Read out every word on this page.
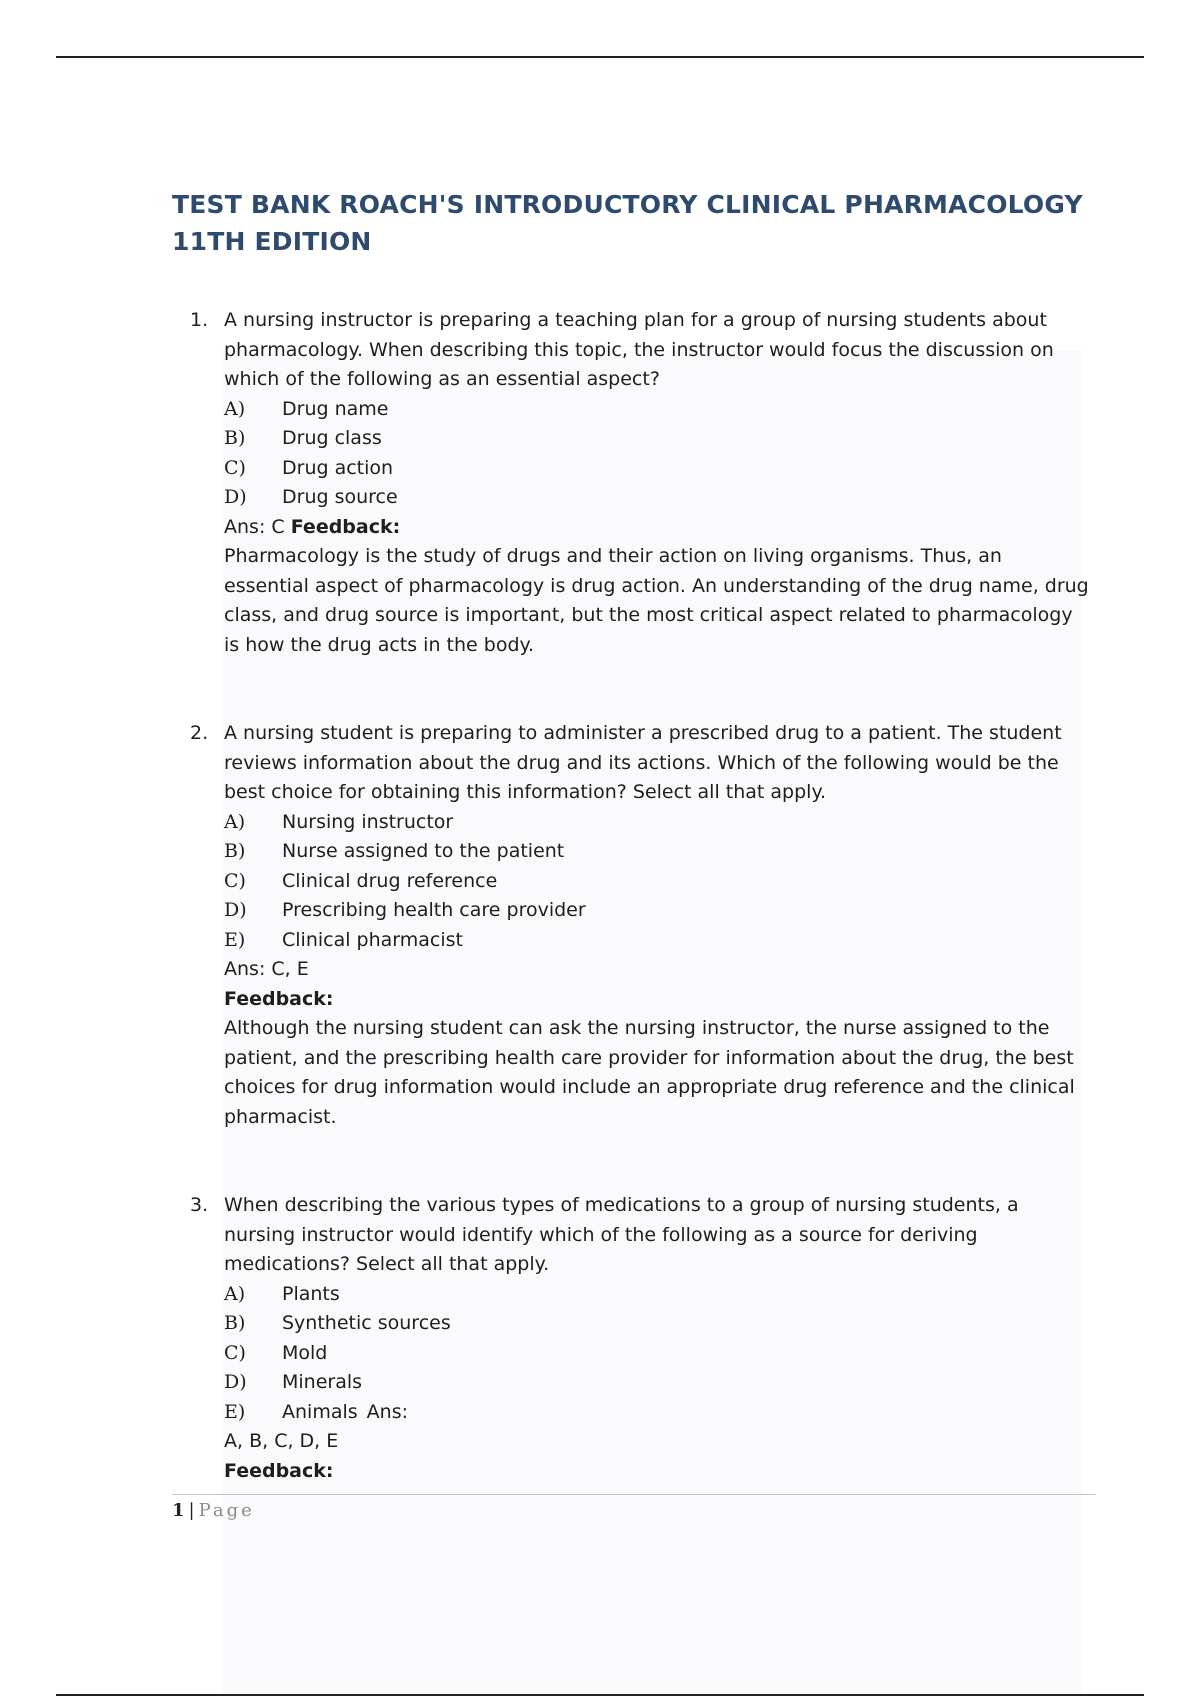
TEST BANK ROACH'S INTRODUCTORY CLINICAL PHARMACOLOGY 11TH EDITION
1. A nursing instructor is preparing a teaching plan for a group of nursing students about pharmacology. When describing this topic, the instructor would focus the discussion on which of the following as an essential aspect?

A)	Drug name
B)	Drug class
C)	Drug action
D)	Drug source

Ans: C Feedback:

Pharmacology is the study of drugs and their action on living organisms. Thus, an essential aspect of pharmacology is drug action. An understanding of the drug name, drug class, and drug source is important, but the most critical aspect related to pharmacology is how the drug acts in the body.

2. A nursing student is preparing to administer a prescribed drug to a patient. The student reviews information about the drug and its actions. Which of the following would be the best choice for obtaining this information? Select all that apply.

A)	Nursing instructor
B)	Nurse assigned to the patient
C)	Clinical drug reference
D)	Prescribing health care provider
E)	Clinical pharmacist

Ans: C, E

Feedback:

Although the nursing student can ask the nursing instructor, the nurse assigned to the patient, and the prescribing health care provider for information about the drug, the best choices for drug information would include an appropriate drug reference and the clinical pharmacist.

3. When describing the various types of medications to a group of nursing students, a nursing instructor would identify which of the following as a source for deriving medications? Select all that apply.

A)	Plants
B)	Synthetic sources
C)	Mold
D)	Minerals
E)	Animals Ans:

A, B, C, D, E

Feedback:

1 | Page
